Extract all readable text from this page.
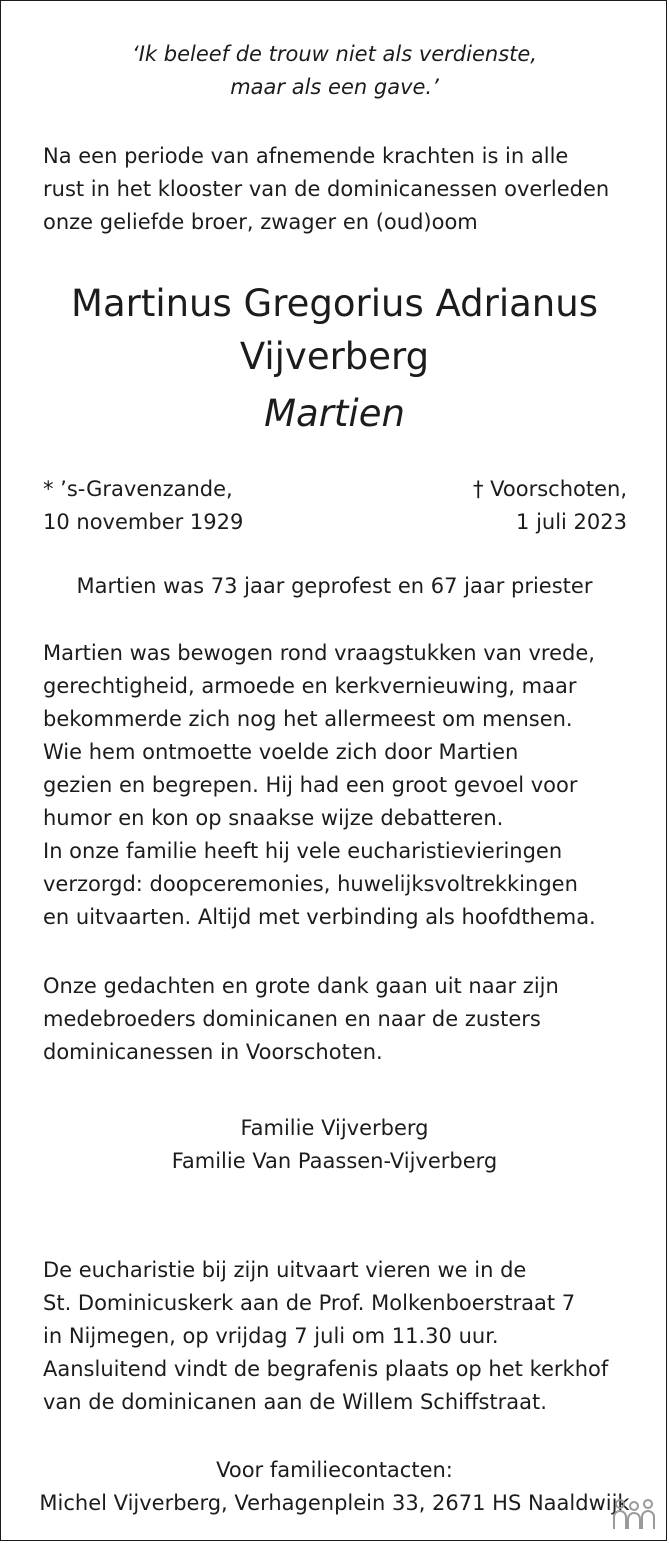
‘Ik beleef de trouw niet als verdienste,
maar als een gave.’
Na een periode van afnemende krachten is in alle
rust in het klooster van de dominicanessen overleden
onze geliefde broer, zwager en (oud)oom
Martinus Gregorius Adrianus
Vijverberg
Martien
* ’s-Gravenzande,
10 november 1929
† Voorschoten,
1 juli 2023
Martien was 73 jaar geprofest en 67 jaar priester
Martien was bewogen rond vraagstukken van vrede,
gerechtigheid, armoede en kerkvernieuwing, maar
bekommerde zich nog het allermeest om mensen.
Wie hem ontmoette voelde zich door Martien
gezien en begrepen. Hij had een groot gevoel voor
humor en kon op snaakse wijze debatteren.
In onze familie heeft hij vele eucharistievieringen
verzorgd: doopceremonies, huwelijksvoltrekkingen
en uitvaarten. Altijd met verbinding als hoofdthema.
Onze gedachten en grote dank gaan uit naar zijn
medebroeders dominicanen en naar de zusters
dominicanessen in Voorschoten.
Familie Vijverberg
Familie Van Paassen-Vijverberg
De eucharistie bij zijn uitvaart vieren we in de
St. Dominicuskerk aan de Prof. Molkenboerstraat 7
in Nijmegen, op vrijdag 7 juli om 11.30 uur.
Aansluitend vindt de begrafenis plaats op het kerkhof
van de dominicanen aan de Willem Schiffstraat.
Voor familiecontacten:
Michel Vijverberg, Verhagenplein 33, 2671 HS Naaldwijk
